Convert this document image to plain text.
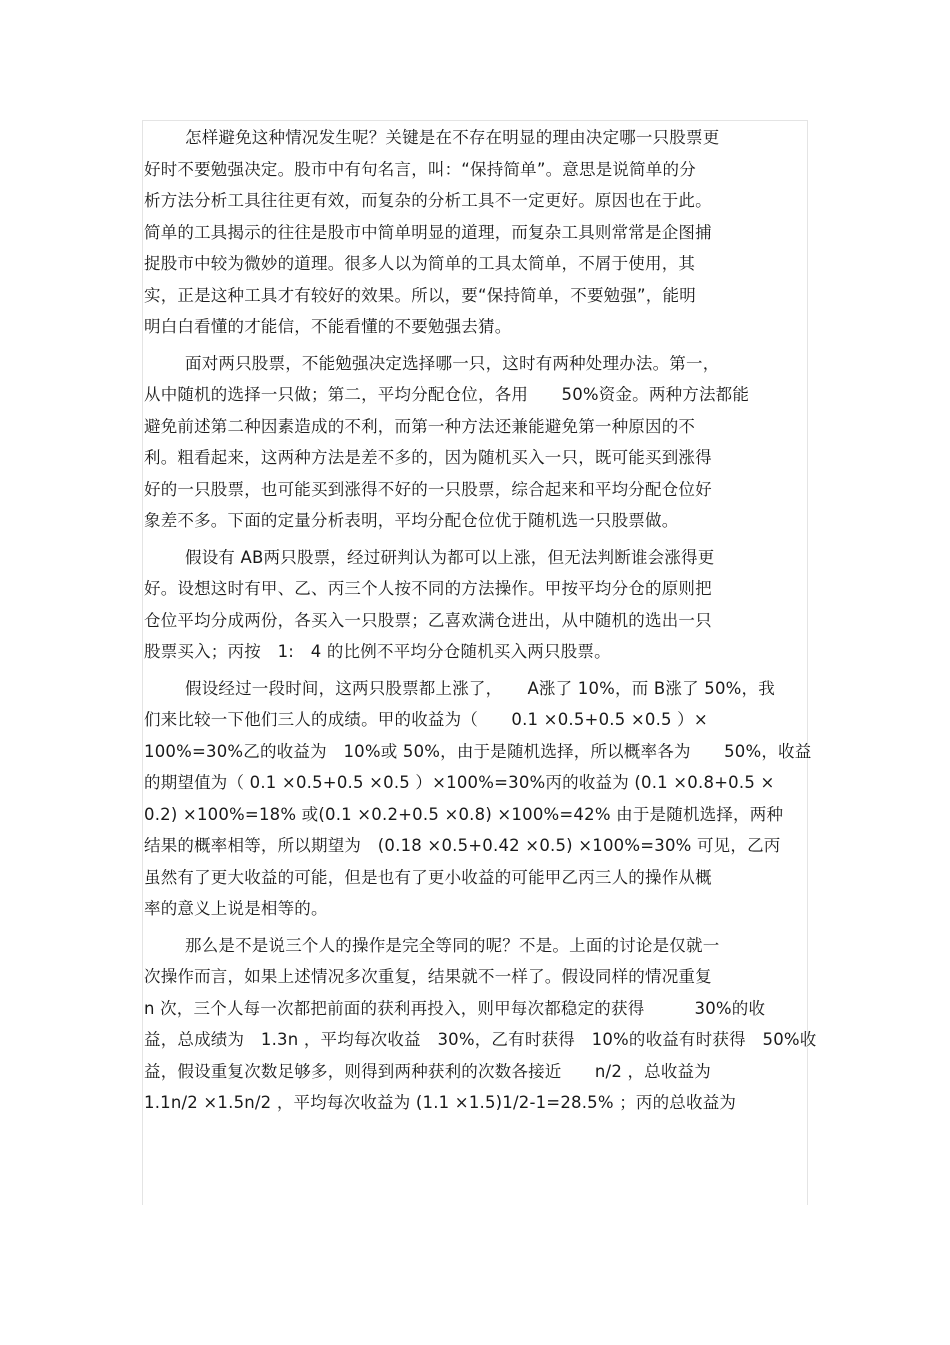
怎样避免这种情况发生呢？关键是在不存在明显的理由决定哪一只股票更
好时不要勉强决定。股市中有句名言，叫：“保持简单”。意思是说简单的分
析方法分析工具往往更有效，而复杂的分析工具不一定更好。原因也在于此。
简单的工具揭示的往往是股市中简单明显的道理，而复杂工具则常常是企图捕
捉股市中较为微妙的道理。很多人以为简单的工具太简单，不屑于使用，其
实，正是这种工具才有较好的效果。所以，要“保持简单，不要勉强”，能明
明白白看懂的才能信，不能看懂的不要勉强去猜。
面对两只股票，不能勉强决定选择哪一只，这时有两种处理办法。第一，
从中随机的选择一只做；第二，平均分配仓位，各用　　50%资金。两种方法都能
避免前述第二种因素造成的不利，而第一种方法还兼能避免第一种原因的不
利。粗看起来，这两种方法是差不多的，因为随机买入一只，既可能买到涨得
好的一只股票，也可能买到涨得不好的一只股票，综合起来和平均分配仓位好
象差不多。下面的定量分析表明，平均分配仓位优于随机选一只股票做。
假设有 AB两只股票，经过研判认为都可以上涨，但无法判断谁会涨得更
好。设想这时有甲、乙、丙三个人按不同的方法操作。甲按平均分仓的原则把
仓位平均分成两份，各买入一只股票；乙喜欢满仓进出，从中随机的选出一只
股票买入；丙按　1:　4 的比例不平均分仓随机买入两只股票。
假设经过一段时间，这两只股票都上涨了，　　A涨了 10%，而 B涨了 50%，我
们来比较一下他们三人的成绩。甲的收益为（　　0.1 ×0.5+0.5 ×0.5 ）×
100%=30%乙的收益为　10%或 50%，由于是随机选择，所以概率各为　　50%，收益
的期望值为（ 0.1 ×0.5+0.5 ×0.5 ）×100%=30%丙的收益为 (0.1 ×0.8+0.5 ×
0.2) ×100%=18% 或(0.1 ×0.2+0.5 ×0.8) ×100%=42% 由于是随机选择，两种
结果的概率相等，所以期望为　(0.18 ×0.5+0.42 ×0.5) ×100%=30% 可见，乙丙
虽然有了更大收益的可能，但是也有了更小收益的可能甲乙丙三人的操作从概
率的意义上说是相等的。
那么是不是说三个人的操作是完全等同的呢？不是。上面的讨论是仅就一
次操作而言，如果上述情况多次重复，结果就不一样了。假设同样的情况重复
n 次，三个人每一次都把前面的获利再投入，则甲每次都稳定的获得　　　30%的收
益，总成绩为　1.3n ，平均每次收益　30%，乙有时获得　10%的收益有时获得　50%收
益，假设重复次数足够多，则得到两种获利的次数各接近　　n/2 ，总收益为
1.1n/2 ×1.5n/2 ，平均每次收益为 (1.1 ×1.5)1/2-1=28.5% ；丙的总收益为
